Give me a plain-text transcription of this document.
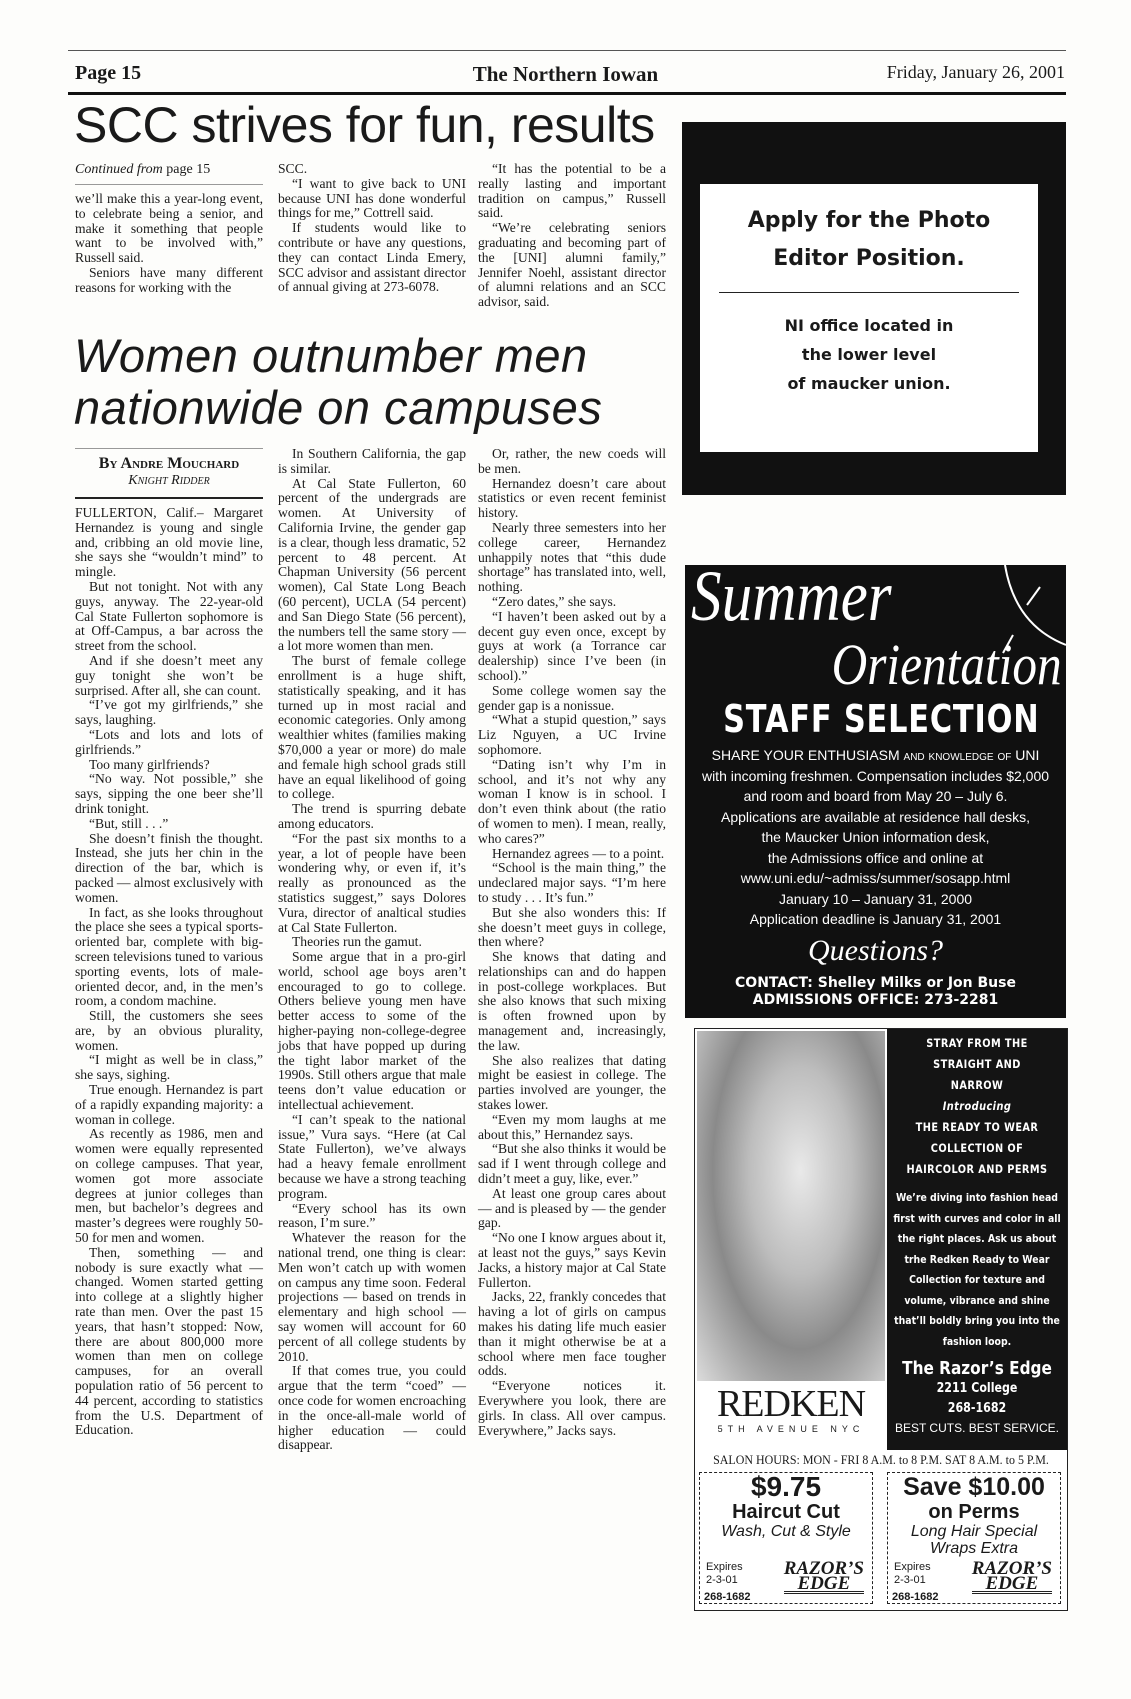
Page 15	The Northern Iowan	Friday, January 26, 2001
SCC strives for fun, results
Continued from page 15

we’ll make this a year-long event, to celebrate being a senior, and make it something that people want to be involved with,” Russell said.

Seniors have many different reasons for working with the

SCC.

“I want to give back to UNI because UNI has done wonderful things for me,” Cottrell said.

If students would like to contribute or have any questions, they can contact Linda Emery, SCC advisor and assistant director of annual giving at 273-6078.

“It has the potential to be a really lasting and important tradition on campus,” Russell said.

“We’re celebrating seniors graduating and becoming part of the [UNI] alumni family,” Jennifer Noehl, assistant director of alumni relations and an SCC advisor, said.

Women outnumber men
nationwide on campuses
By Andre Mouchard
Knight Ridder

FULLERTON, Calif.– Margaret Hernandez is young and single and, cribbing an old movie line, she says she “wouldn’t mind” to mingle.

But not tonight. Not with any guys, anyway. The 22-year-old Cal State Fullerton sophomore is at Off-Campus, a bar across the street from the school.

And if she doesn’t meet any guy tonight she won’t be surprised. After all, she can count.

“I’ve got my girlfriends,” she says, laughing.

“Lots and lots and lots of girlfriends.”

Too many girlfriends?

“No way. Not possible,” she says, sipping the one beer she’ll drink tonight.

“But, still . . .”

She doesn’t finish the thought. Instead, she juts her chin in the direction of the bar, which is packed — almost exclusively with women.

In fact, as she looks throughout the place she sees a typical sports-oriented bar, complete with big-screen televisions tuned to various sporting events, lots of male-oriented decor, and, in the men’s room, a condom machine.

Still, the customers she sees are, by an obvious plurality, women.

“I might as well be in class,” she says, sighing.

True enough. Hernandez is part of a rapidly expanding majority: a woman in college.

As recently as 1986, men and women were equally represented on college campuses. That year, women got more associate degrees at junior colleges than men, but bachelor’s degrees and master’s degrees were roughly 50-50 for men and women.

Then, something — and nobody is sure exactly what — changed. Women started getting into college at a slightly higher rate than men. Over the past 15 years, that hasn’t stopped: Now, there are about 800,000 more women than men on college campuses, for an overall population ratio of 56 percent to 44 percent, according to statistics from the U.S. Department of Education.

In Southern California, the gap is similar.

At Cal State Fullerton, 60 percent of the undergrads are women. At University of California Irvine, the gender gap is a clear, though less dramatic, 52 percent to 48 percent. At Chapman University (56 percent women), Cal State Long Beach (60 percent), UCLA (54 percent) and San Diego State (56 percent), the numbers tell the same story — a lot more women than men.

The burst of female college enrollment is a huge shift, statistically speaking, and it has turned up in most racial and economic categories. Only among wealthier whites (families making $70,000 a year or more) do male and female high school grads still have an equal likelihood of going to college.

The trend is spurring debate among educators.

“For the past six months to a year, a lot of people have been wondering why, or even if, it’s really as pronounced as the statistics suggest,” says Dolores Vura, director of analtical studies at Cal State Fullerton.

Theories run the gamut.

Some argue that in a pro-girl world, school age boys aren’t encouraged to go to college. Others believe young men have better access to some of the higher-paying non-college-degree jobs that have popped up during the tight labor market of the 1990s. Still others argue that male teens don’t value education or intellectual achievement.

“I can’t speak to the national issue,” Vura says. “Here (at Cal State Fullerton), we’ve always had a heavy female enrollment because we have a strong teaching program.

“Every school has its own reason, I’m sure.”

Whatever the reason for the national trend, one thing is clear: Men won’t catch up with women on campus any time soon. Federal projections — based on trends in elementary and high school — say women will account for 60 percent of all college students by 2010.

If that comes true, you could argue that the term “coed” — once code for women encroaching in the once-all-male world of higher education — could disappear.

Or, rather, the new coeds will be men.

Hernandez doesn’t care about statistics or even recent feminist history.

Nearly three semesters into her college career, Hernandez unhappily notes that “this dude shortage” has translated into, well, nothing.

“Zero dates,” she says.

“I haven’t been asked out by a decent guy even once, except by guys at work (a Torrance car dealership) since I’ve been (in school).”

Some college women say the gender gap is a nonissue.

“What a stupid question,” says Liz Nguyen, a UC Irvine sophomore.

“Dating isn’t why I’m in school, and it’s not why any woman I know is in school. I don’t even think about (the ratio of women to men). I mean, really, who cares?”

Hernandez agrees — to a point.

“School is the main thing,” the undeclared major says. “I’m here to study . . . It’s fun.”

But she also wonders this: If she doesn’t meet guys in college, then where?

She knows that dating and relationships can and do happen in post-college workplaces. But she also knows that such mixing is often frowned upon by management and, increasingly, the law.

She also realizes that dating might be easiest in college. The parties involved are younger, the stakes lower.

“Even my mom laughs at me about this,” Hernandez says.

“But she also thinks it would be sad if I went through college and didn’t meet a guy, like, ever.”

At least one group cares about — and is pleased by — the gender gap.

“No one I know argues about it, at least not the guys,” says Kevin Jacks, a history major at Cal State Fullerton.

Jacks, 22, frankly concedes that having a lot of girls on campus makes his dating life much easier than it might otherwise be at a school where men face tougher odds.

“Everyone notices it. Everywhere you look, there are girls. In class. All over campus. Everywhere,” Jacks says.

Apply for the Photo
Editor Position.
NI office located in
the lower level
of maucker union.
Summer
Orientation
STAFF SELECTION
SHARE YOUR ENTHUSIASM and knowledge of UNI
with incoming freshmen. Compensation includes $2,000
and room and board from May 20 – July 6.
Applications are available at residence hall desks,
the Maucker Union information desk,
the Admissions office and online at
www.uni.edu/~admiss/summer/sosapp.html
January 10 – January 31, 2000
Application deadline is January 31, 2001
Questions?
CONTACT: Shelley Milks or Jon Buse
ADMISSIONS OFFICE: 273-2281
REDKEN
5TH AVENUE NYC
STRAY FROM THE
STRAIGHT AND
NARROW
Introducing
THE READY TO WEAR
COLLECTION OF
HAIRCOLOR AND PERMS
We’re diving into fashion head first with curves and color in all the right places. Ask us about trhe Redken Ready to Wear Collection for texture and volume, vibrance and shine that’ll boldly bring you into the fashion loop.
The Razor’s Edge
2211 College
268-1682
BEST CUTS. BEST SERVICE.
SALON HOURS: MON - FRI 8 A.M. to 8 P.M. SAT 8 A.M. to 5 P.M.
$9.75
Haircut Cut
Wash, Cut & Style
Expires
2-3-01
RAZOR’S
EDGE
268-1682
Save $10.00
on Perms
Long Hair Special
Wraps Extra
Expires
2-3-01
RAZOR’S
EDGE
268-1682
